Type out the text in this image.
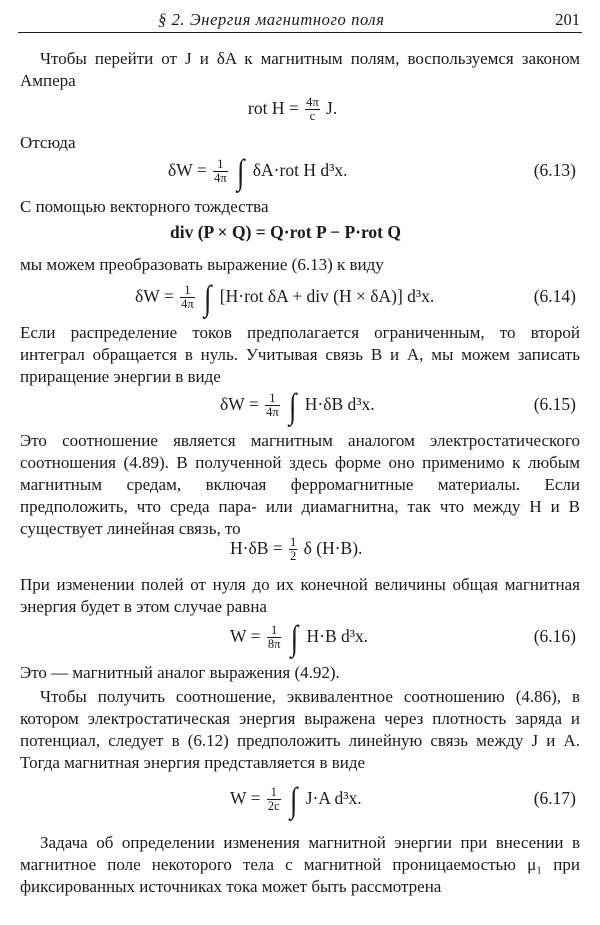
§ 2. Энергия магнитного поля	201
Чтобы перейти от J и δA к магнитным полям, воспользуемся законом Ампера
rot $H = \frac{4\pi}{c} J$.
Отсюда
$\delta W = \frac{1}{4\pi}$ ∫ δA·rot H d³x.	(6.13)
С помощью векторного тождества
div (P × Q) = Q·rot P − P·rot Q
мы можем преобразовать выражение (6.13) к виду
$\delta W = \frac{1}{4\pi}$ ∫ [H·rot δA + div (H × δA)] d³x.	(6.14)
Если распределение токов предполагается ограниченным, то второй интеграл обращается в нуль. Учитывая связь B и A, мы можем записать приращение энергии в виде
$\delta W = \frac{1}{4\pi}$ ∫ H·δB d³x.	(6.15)
Это соотношение является магнитным аналогом электростатического соотношения (4.89). В полученной здесь форме оно применимо к любым магнитным средам, включая ферромагнитные материалы. Если предположить, что среда пара- или диамагнитна, так что между H и B существует линейная связь, то
$H\cdot\delta B = \frac{1}{2}$ δ (H·B).
При изменении полей от нуля до их конечной величины общая магнитная энергия будет в этом случае равна
$W = \frac{1}{8\pi}$ ∫ H·B d³x.	(6.16)
Это — магнитный аналог выражения (4.92).
Чтобы получить соотношение, эквивалентное соотношению (4.86), в котором электростатическая энергия выражена через плотность заряда и потенциал, следует в (6.12) предположить линейную связь между J и A. Тогда магнитная энергия представляется в виде
$W = \frac{1}{2c}$ ∫ J·A d³x.	(6.17)
Задача об определении изменения магнитной энергии при внесении в магнитное поле некоторого тела с магнитной проницаемостью μ₁ при фиксированных источниках тока может быть рассмотрена
